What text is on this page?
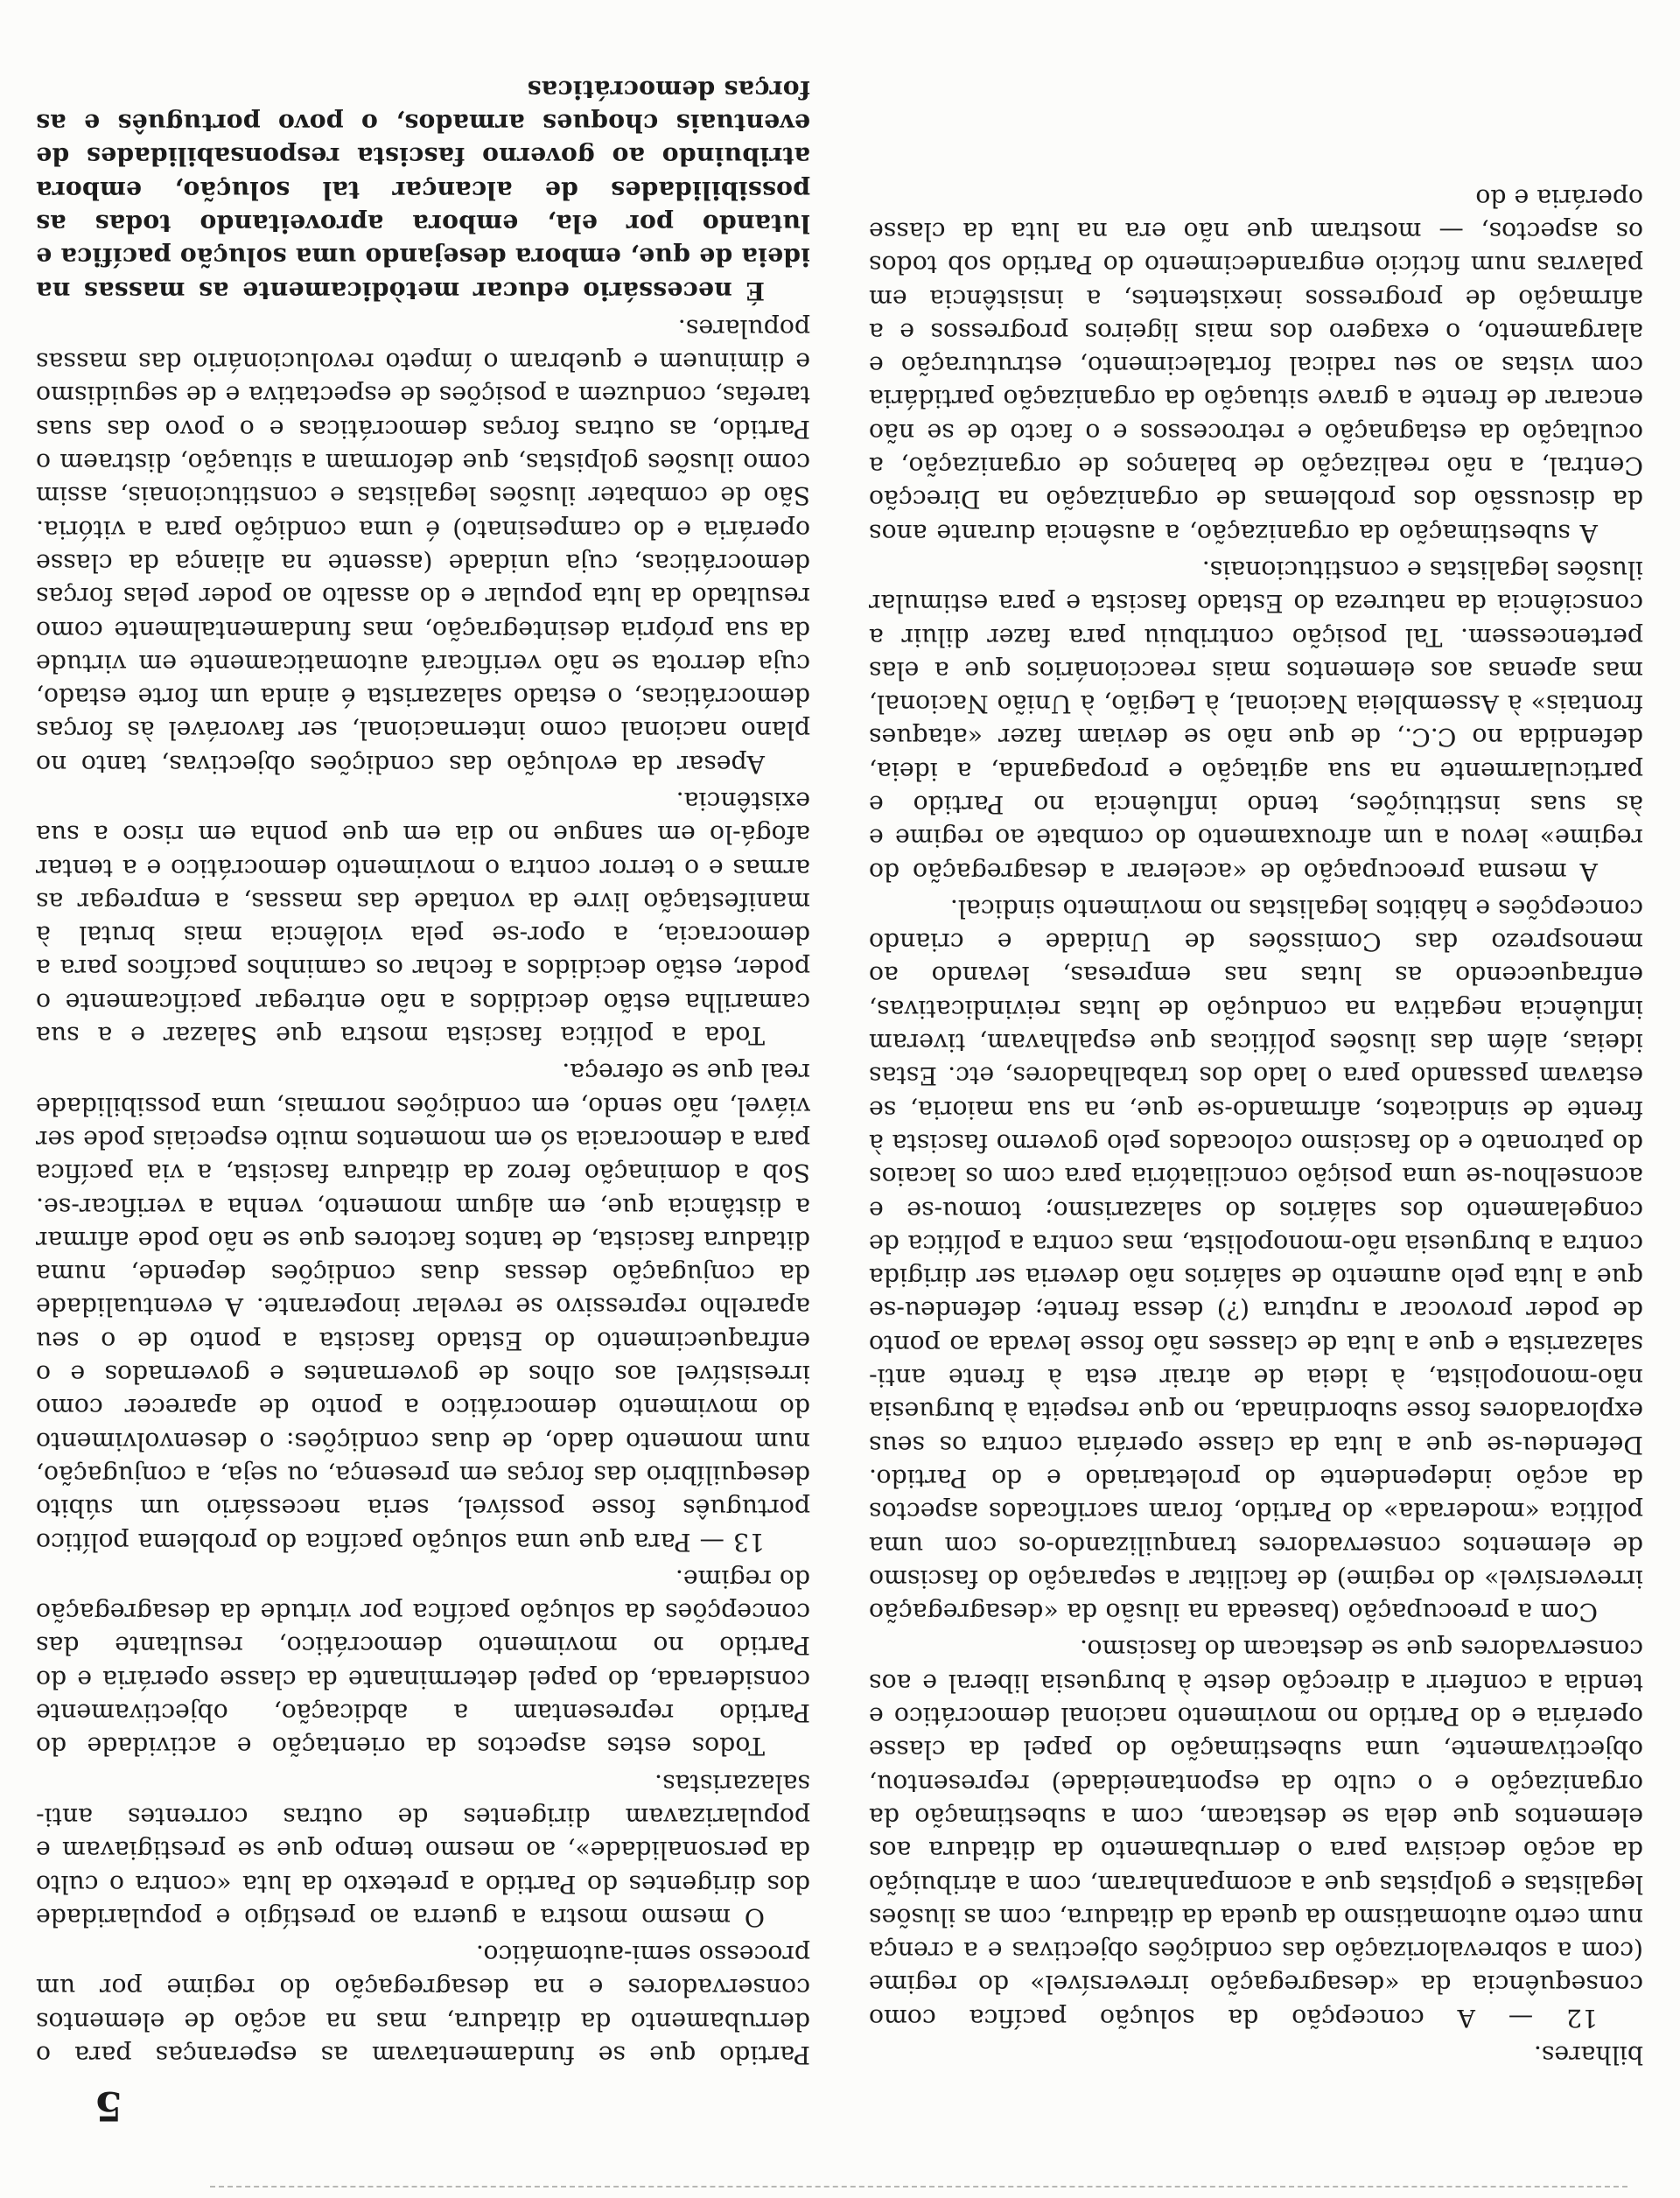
5

bilhares.

12 — A concepção da solução pacífica como consequência da «desagregação irreversível» do regime (com a sobrevalorização das condições objectivas e a crença num certo automatismo da queda da ditadura, com as ilusões legalistas e golpistas que a acompanharam, com a atribuição da acção decisiva para o derrubamento da ditadura aos elementos que dela se destacam, com a subestimação da organização e o culto da espontaneidade) representou, objectivamente, uma subestimação do papel da classe operária e do Partido no movimento nacional democrático e tendia a conferir a direcção deste à burguesia liberal e aos conservadores que se destacam do fascismo.

Com a preocupação (baseada na ilusão da «desagregação irreversível» do regime) de facilitar a separação do fascismo de elementos conservadores tranquilizando-os com uma política «moderada» do Partido, foram sacrificados aspectos da acção independente do proletariado e do Partido. Defendeu-se que a luta da classe operária contra os seus exploradores fosse subordinada, no que respeita à burguesia não-monopolista, à ideia de atrair esta à frente anti-salazarista e que a luta de classes não fosse levada ao ponto de poder provocar a ruptura (?) dessa frente; defendeu-se que a luta pelo aumento de salários não deveria ser dirigida contra a burguesia não-monopolista, mas contra a política de congelamento dos salários do salazarismo; tomou-se e aconselhou-se uma posição conciliatória para com os lacaios do patronato e do fascismo colocados pelo governo fascista à frente de sindicatos, afirmando-se que, na sua maioria, se estavam passando para o lado dos trabalhadores, etc. Estas ideias, além das ilusões políticas que espalhavam, tiveram influência negativa na condução de lutas reivindicativas, enfraquecendo as lutas nas empresas, levando ao menosprezo das Comissões de Unidade e criando concepções e hábitos legalistas no movimento sindical.

A mesma preocupação de «acelerar a desagregação do regime» levou a um afrouxamento do combate ao regime e às suas instituições, tendo influência no Partido e particularmente na sua agitação e propaganda, a ideia, defendida no C.C., de que não se deviam fazer «ataques frontais» à Assembleia Nacional, à Legião, à União Nacional, mas apenas aos elementos mais reaccionários que a elas pertencessem. Tal posição contribuiu para fazer diluir a consciência da natureza do Estado fascista e para estimular ilusões legalistas e constitucionais.

A subestimação da organização, a ausência durante anos da discussão dos problemas de organização na Direcção Central, a não realização de balanços de organização, a ocultação da estagnação e retrocessos e o facto de se não encarar de frente a grave situação da organização partidária com vistas ao seu radical fortalecimento, estruturação e alargamento, o exagero dos mais ligeiros progressos e a afirmação de progressos inexistentes, a insistência em palavras num fictício engrandecimento do Partido sob todos os aspectos, — mostram que não era na luta da classe operária e do

Partido que se fundamentavam as esperanças para o derrubamento da ditadura, mas na acção de elementos conservadores e na desagregação do regime por um processo semi-automático.

O mesmo mostra a guerra ao prestígio e popularidade dos dirigentes do Partido a pretexto da luta «contra o culto da personalidade», ao mesmo tempo que se prestigiavam e popularizavam dirigentes de outras correntes anti-salazaristas.

Todos estes aspectos da orientação e actividade do Partido representam a abdicação, objectivamente considerada, do papel determinante da classe operária e do Partido no movimento democrático, resultante das concepções da solução pacífica por virtude da desagregação do regime.

13 — Para que uma solução pacífica do problema político português fosse possível, seria necessário um súbito desequilíbrio das forças em presença, ou seja, a conjugação, num momento dado, de duas condições: o desenvolvimento do movimento democrático a ponto de aparecer como irresistível aos olhos de governantes e governados e o enfraquecimento do Estado fascista a ponto de o seu aparelho repressivo se revelar inoperante. A eventualidade da conjugação dessas duas condições depende, numa ditadura fascista, de tantos factores que se não pode afirmar a distância que, em algum momento, venha a verificar-se. Sob a dominação feroz da ditadura fascista, a via pacífica para a democracia só em momentos muito especiais pode ser viável, não sendo, em condições normais, uma possibilidade real que se ofereça.

Toda a política fascista mostra que Salazar e a sua camarilha estão decididos a não entregar pacificamente o poder, estão decididos a fechar os caminhos pacíficos para a democracia, a opor-se pela violência mais brutal à manifestação livre da vontade das massas, a empregar as armas e o terror contra o movimento democrático e a tentar afogá-lo em sangue no dia em que ponha em risco a sua existência.

Apesar da evolução das condições objectivas, tanto no plano nacional como internacional, ser favorável às forças democráticas, o estado salazarista é ainda um forte estado, cuja derrota se não verificará automaticamente em virtude da sua própria desintegração, mas fundamentalmente como resultado da luta popular e do assalto ao poder pelas forças democráticas, cuja unidade (assente na aliança da classe operária e do campesinato) é uma condição para a vitória. São de combater ilusões legalistas e constitucionais, assim como ilusões golpistas, que deformam a situação, distraem o Partido, as outras forças democráticas e o povo das suas tarefas, conduzem a posições de espectativa e de seguidismo e diminuem e quebram o ímpeto revolucionário das massas populares.

É necessário educar metòdicamente as massas na ideia de que, embora desejando uma solução pacífica e lutando por ela, embora aproveitando todas as possibilidades de alcançar tal solução, embora atribuindo ao governo fascista responsabilidades de eventuais choques armados, o povo português e as forças democráticas
